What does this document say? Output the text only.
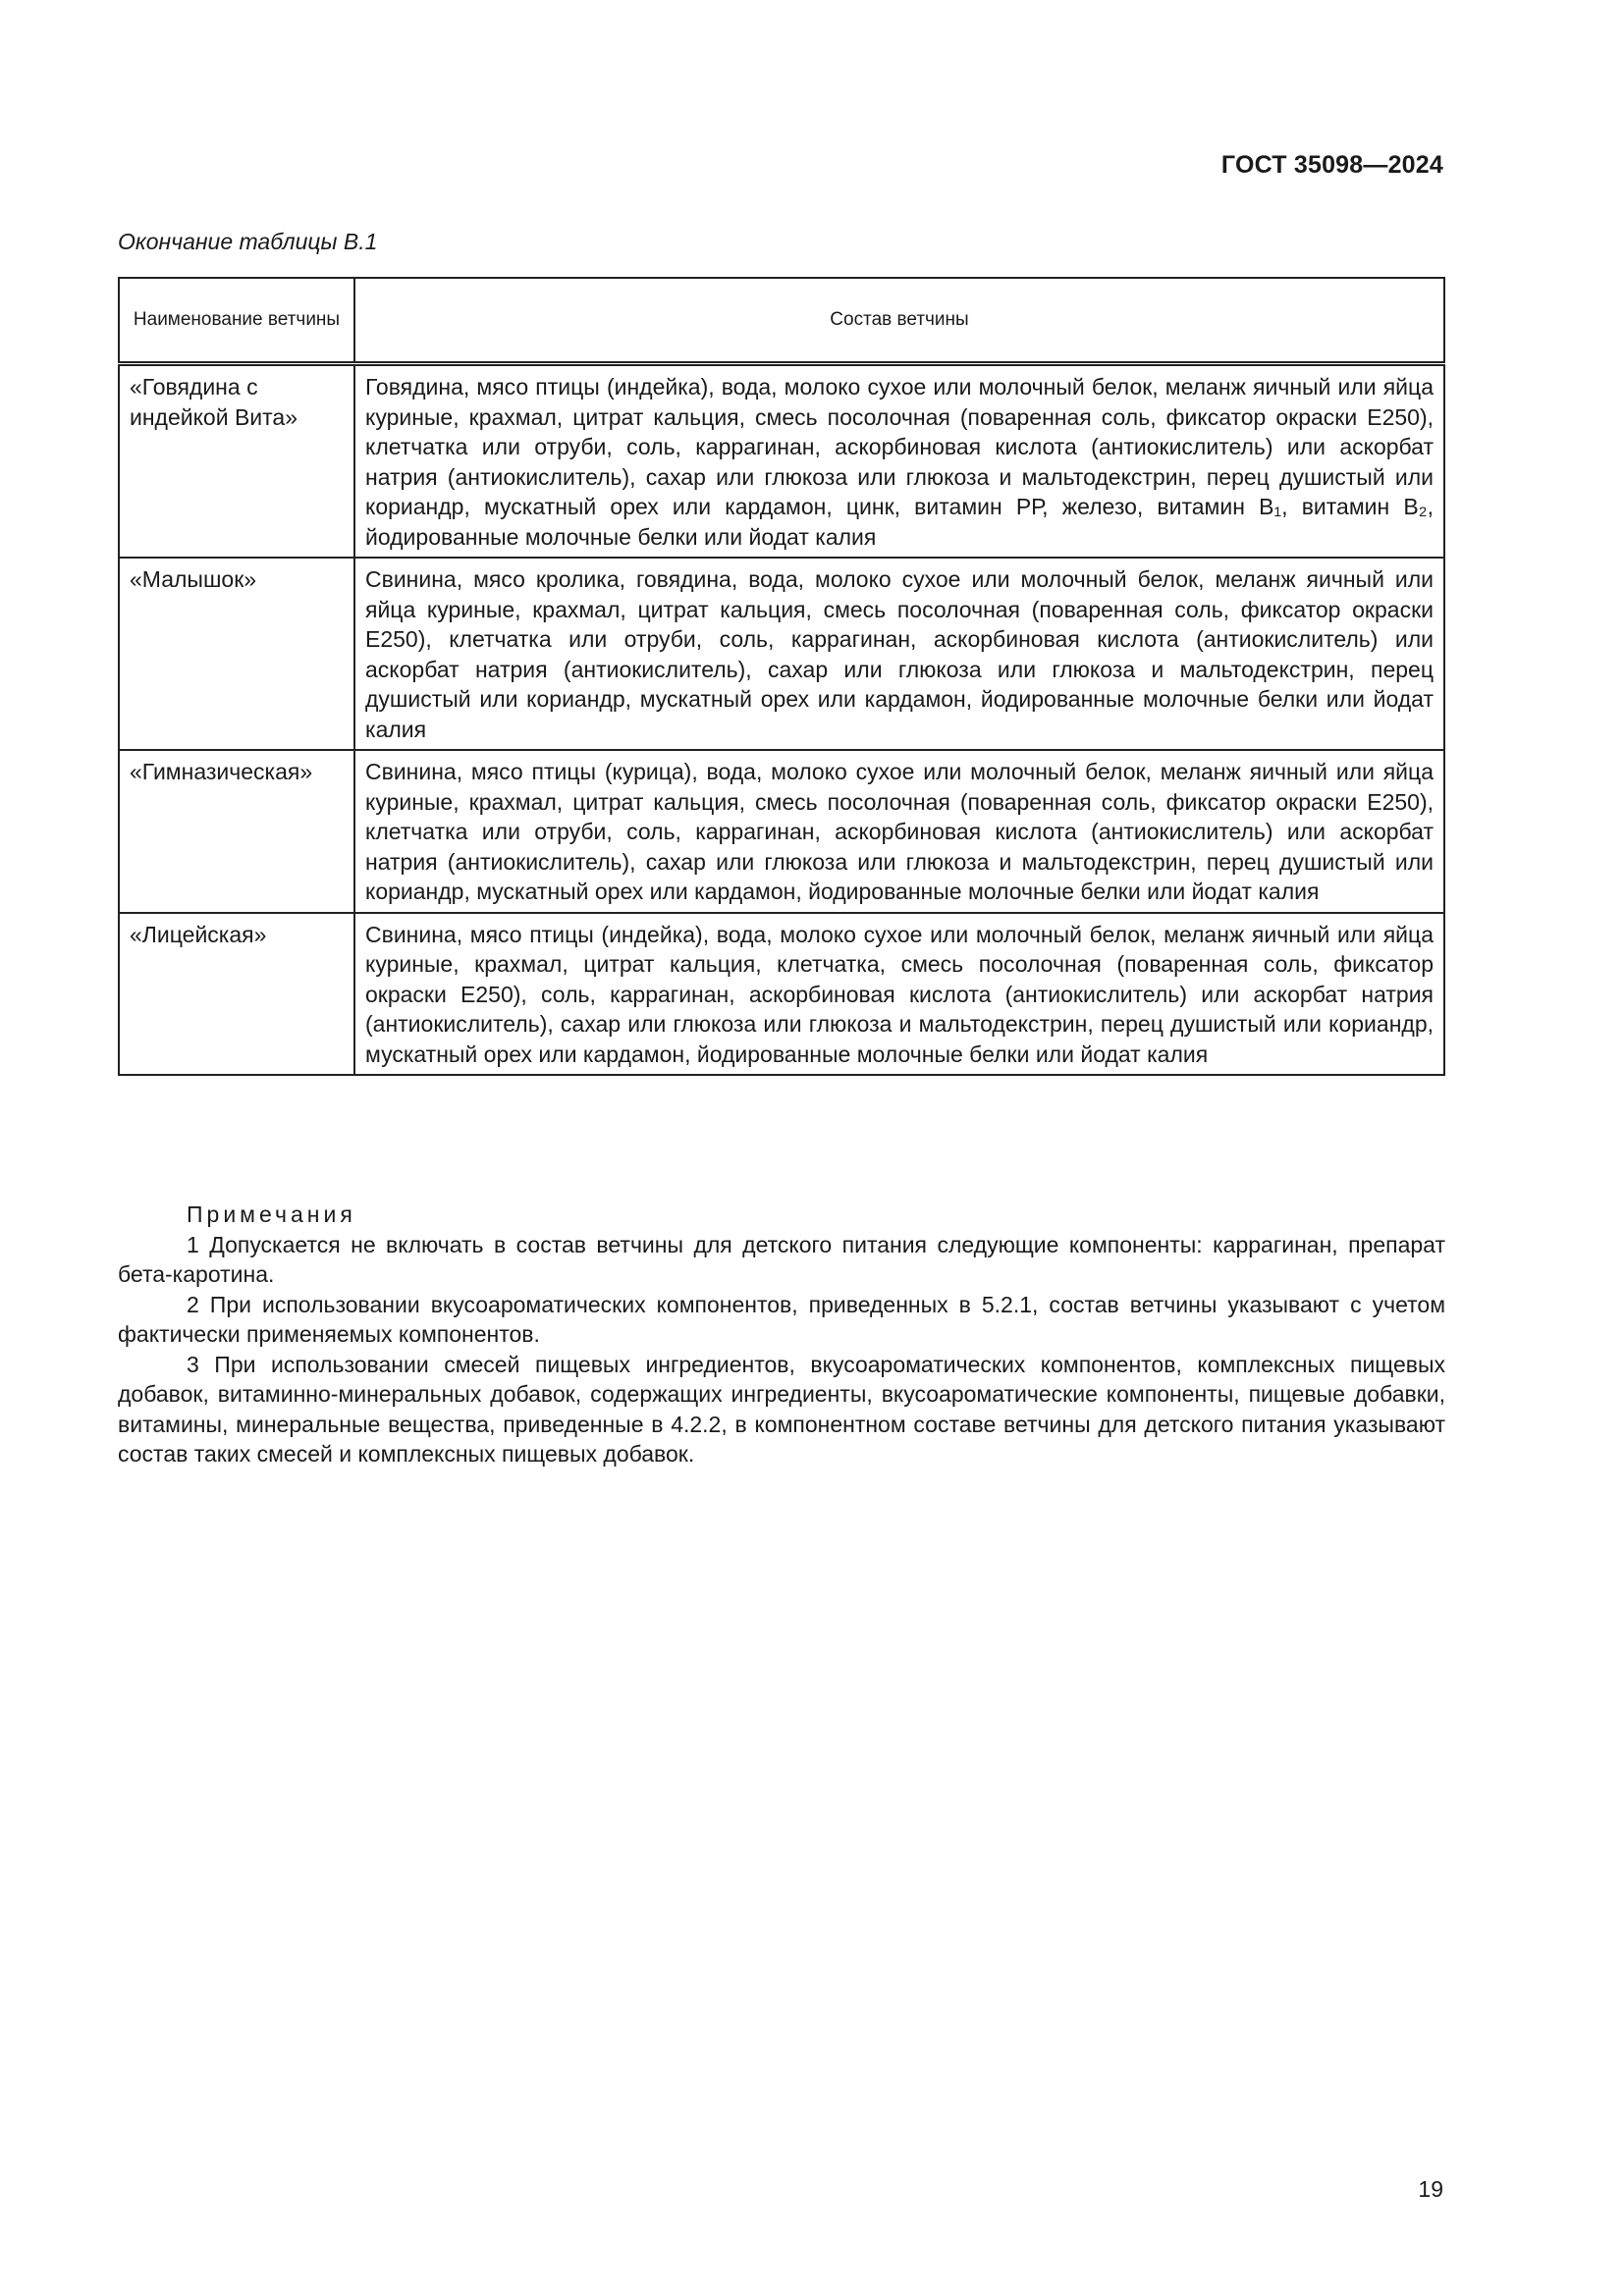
ГОСТ 35098—2024
Окончание таблицы В.1
Наименование ветчины	Состав ветчины
«Говядина с индейкой Вита»	Говядина, мясо птицы (индейка), вода, молоко сухое или молочный белок, меланж яичный или яйца куриные, крахмал, цитрат кальция, смесь посолочная (поваренная соль, фиксатор окраски Е250), клетчатка или отруби, соль, каррагинан, аскорбиновая кислота (антиокислитель) или аскорбат натрия (антиокислитель), сахар или глюкоза или глюкоза и мальтодекстрин, перец душистый или кориандр, мускатный орех или кардамон, цинк, витамин РР, железо, витамин В₁, витамин В₂, йодированные молочные белки или йодат калия
«Малышок»	Свинина, мясо кролика, говядина, вода, молоко сухое или молочный белок, меланж яичный или яйца куриные, крахмал, цитрат кальция, смесь посолочная (поваренная соль, фиксатор окраски Е250), клетчатка или отруби, соль, каррагинан, аскорбиновая кислота (антиокислитель) или аскорбат натрия (антиокислитель), сахар или глюкоза или глюкоза и мальтодекстрин, перец душистый или кориандр, мускатный орех или кардамон, йодированные молочные белки или йодат калия
«Гимназическая»	Свинина, мясо птицы (курица), вода, молоко сухое или молочный белок, меланж яичный или яйца куриные, крахмал, цитрат кальция, смесь посолочная (поваренная соль, фиксатор окраски Е250), клетчатка или отруби, соль, каррагинан, аскорбиновая кислота (антиокислитель) или аскорбат натрия (антиокислитель), сахар или глюкоза или глюкоза и мальтодекстрин, перец душистый или кориандр, мускатный орех или кардамон, йодированные молочные белки или йодат калия
«Лицейская»	Свинина, мясо птицы (индейка), вода, молоко сухое или молочный белок, меланж яичный или яйца куриные, крахмал, цитрат кальция, клетчатка, смесь посолочная (поваренная соль, фиксатор окраски Е250), соль, каррагинан, аскорбиновая кислота (антиокислитель) или аскорбат натрия (антиокислитель), сахар или глюкоза или глюкоза и мальтодекстрин, перец душистый или кориандр, мускатный орех или кардамон, йодированные молочные белки или йодат калия
Примечания

1 Допускается не включать в состав ветчины для детского питания следующие компоненты: каррагинан, препарат бета-каротина.

2 При использовании вкусоароматических компонентов, приведенных в 5.2.1, состав ветчины указывают с учетом фактически применяемых компонентов.

3 При использовании смесей пищевых ингредиентов, вкусоароматических компонентов, комплексных пищевых добавок, витаминно-минеральных добавок, содержащих ингредиенты, вкусоароматические компоненты, пищевые добавки, витамины, минеральные вещества, приведенные в 4.2.2, в компонентном составе ветчины для детского питания указывают состав таких смесей и комплексных пищевых добавок.

19
